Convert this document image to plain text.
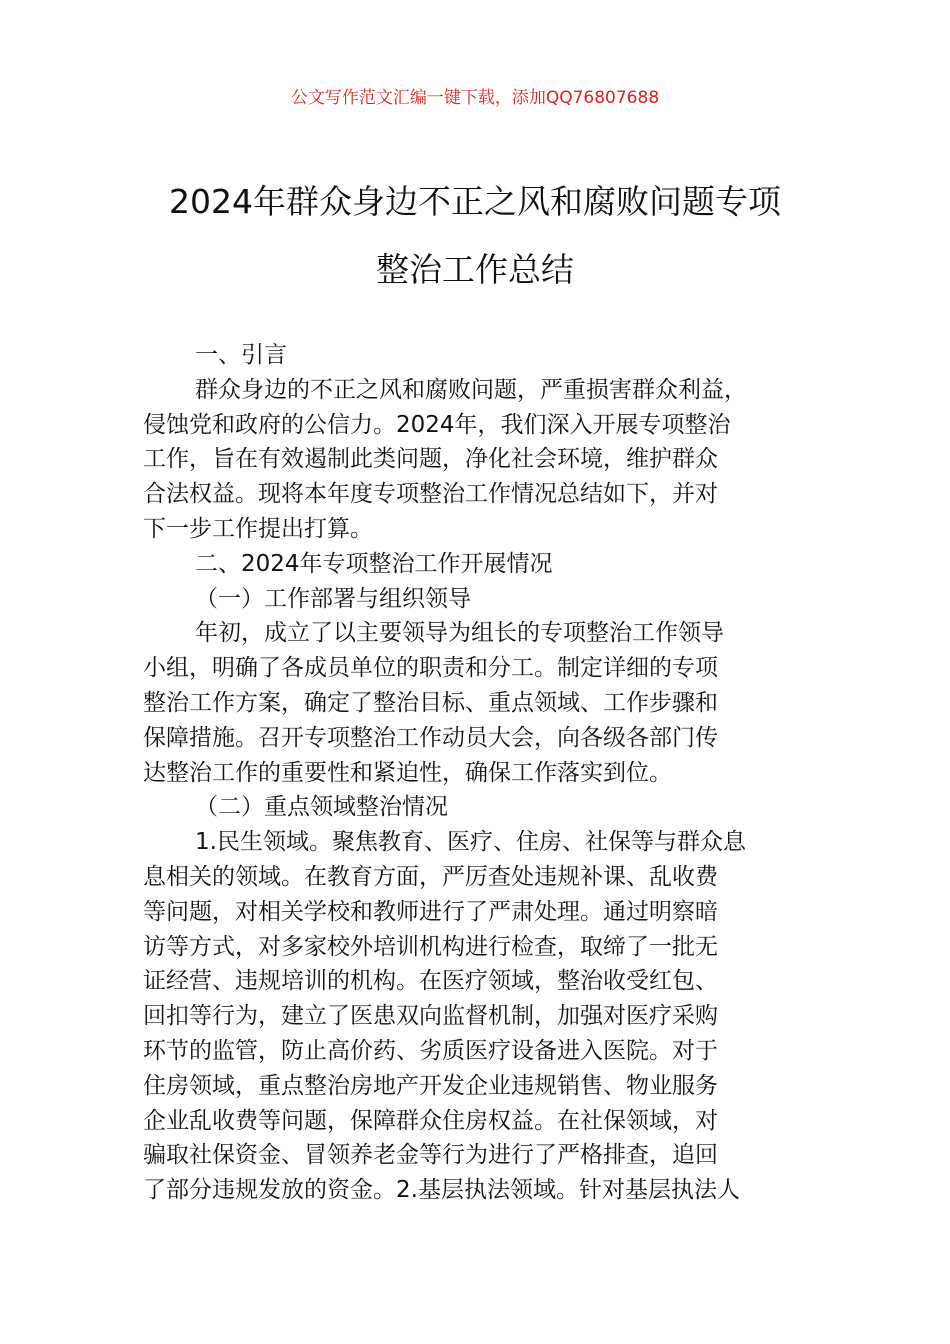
公文写作范文汇编一键下载，添加QQ76807688
2024年群众身边不正之风和腐败问题专项
整治工作总结
一、引言
群众身边的不正之风和腐败问题，严重损害群众利益，
侵蚀党和政府的公信力。2024年，我们深入开展专项整治
工作，旨在有效遏制此类问题，净化社会环境，维护群众
合法权益。现将本年度专项整治工作情况总结如下，并对
下一步工作提出打算。
二、2024年专项整治工作开展情况
（一）工作部署与组织领导
年初，成立了以主要领导为组长的专项整治工作领导
小组，明确了各成员单位的职责和分工。制定详细的专项
整治工作方案，确定了整治目标、重点领域、工作步骤和
保障措施。召开专项整治工作动员大会，向各级各部门传
达整治工作的重要性和紧迫性，确保工作落实到位。
（二）重点领域整治情况
1.民生领域。聚焦教育、医疗、住房、社保等与群众息
息相关的领域。在教育方面，严厉查处违规补课、乱收费
等问题，对相关学校和教师进行了严肃处理。通过明察暗
访等方式，对多家校外培训机构进行检查，取缔了一批无
证经营、违规培训的机构。在医疗领域，整治收受红包、
回扣等行为，建立了医患双向监督机制，加强对医疗采购
环节的监管，防止高价药、劣质医疗设备进入医院。对于
住房领域，重点整治房地产开发企业违规销售、物业服务
企业乱收费等问题，保障群众住房权益。在社保领域，对
骗取社保资金、冒领养老金等行为进行了严格排查，追回
了部分违规发放的资金。2.基层执法领域。针对基层执法人
